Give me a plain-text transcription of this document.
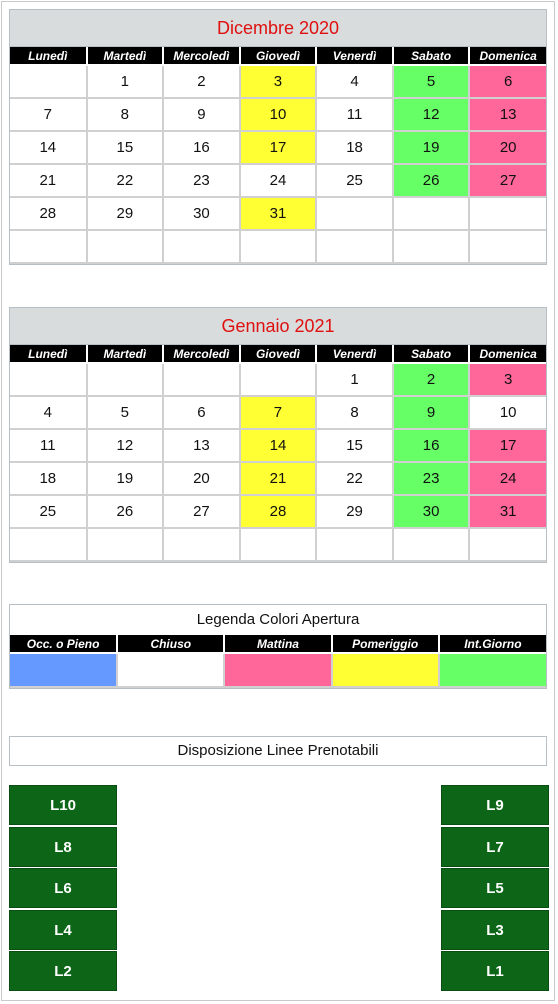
Dicembre 2020
Lunedì	Martedì	Mercoledì	Giovedì	Venerdì	Sabato	Domenica
	1	2	3	4	5	6
7	8	9	10	11	12	13
14	15	16	17	18	19	20
21	22	23	24	25	26	27
28	29	30	31			

Gennaio 2021
Lunedì	Martedì	Mercoledì	Giovedì	Venerdì	Sabato	Domenica
				1	2	3
4	5	6	7	8	9	10
11	12	13	14	15	16	17
18	19	20	21	22	23	24
25	26	27	28	29	30	31

Legenda Colori Apertura
Occ. o Pieno	Chiuso	Mattina	Pomeriggio	Int.Giorno

Disposizione Linee Prenotabili
L10
L8
L6
L4
L2
L9
L7
L5
L3
L1
